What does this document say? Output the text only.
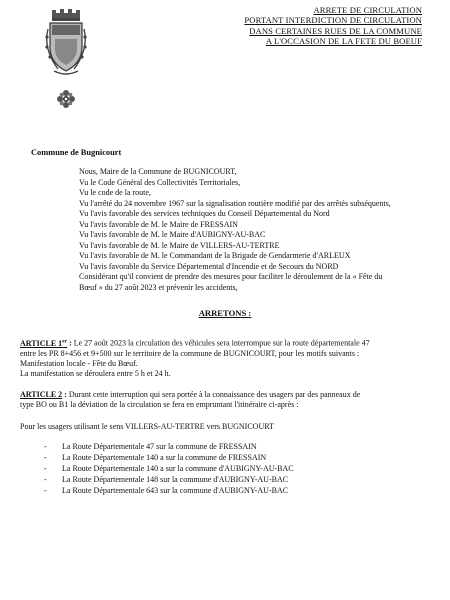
ARRETE DE CIRCULATION
PORTANT INTERDICTION DE CIRCULATION
DANS CERTAINES RUES DE LA COMMUNE
A L'OCCASION DE LA FETE DU BOEUF
Commune de Bugnicourt
Nous, Maire de la Commune de BUGNICOURT,
Vu le Code Général des Collectivités Territoriales,
Vu le code de la route,
Vu l'arrêté du 24 novembre 1967 sur la signalisation routière modifié par des arrêtés subséquents,
Vu l'avis favorable des services techniques du Conseil Départemental du Nord
Vu l'avis favorable de M. le Maire de FRESSAIN
Vu l'avis favorable de M. le Maire d'AUBIGNY-AU-BAC
Vu l'avis favorable de M. le Maire de VILLERS-AU-TERTRE
Vu l'avis favorable de M. le Commandant de la Brigade de Gendarmerie d'ARLEUX
Vu l'avis favorable du Service Départemental d'Incendie et de Secours du NORD
Considérant qu'il convient de prendre des mesures pour faciliter le déroulement de la « Fête du
Bœuf » du 27 août 2023 et prévenir les accidents,
ARRETONS :
ARTICLE 1er : Le 27 août 2023 la circulation des véhicules sera interrompue sur la route départementale 47
entre les PR 8+456 et 9+500 sur le territoire de la commune de BUGNICOURT, pour les motifs suivants :
Manifestation locale - Fête du Bœuf.
La manifestation se déroulera entre 5 h et 24 h.
ARTICLE 2 : Durant cette interruption qui sera portée à la connaissance des usagers par des panneaux de
type BO ou B1 la déviation de la circulation se fera en empruntant l'itinéraire ci-après :
Pour les usagers utilisant le sens VILLERS-AU-TERTRE vers BUGNICOURT
- La Route Départementale 47 sur la commune de FRESSAIN
- La Route Départementale 140 a sur la commune de FRESSAIN
- La Route Départementale 140 a sur la commune d'AUBIGNY-AU-BAC
- La Route Départementale 148 sur la commune d'AUBIGNY-AU-BAC
- La Route Départementale 643 sur la commune d'AUBIGNY-AU-BAC
